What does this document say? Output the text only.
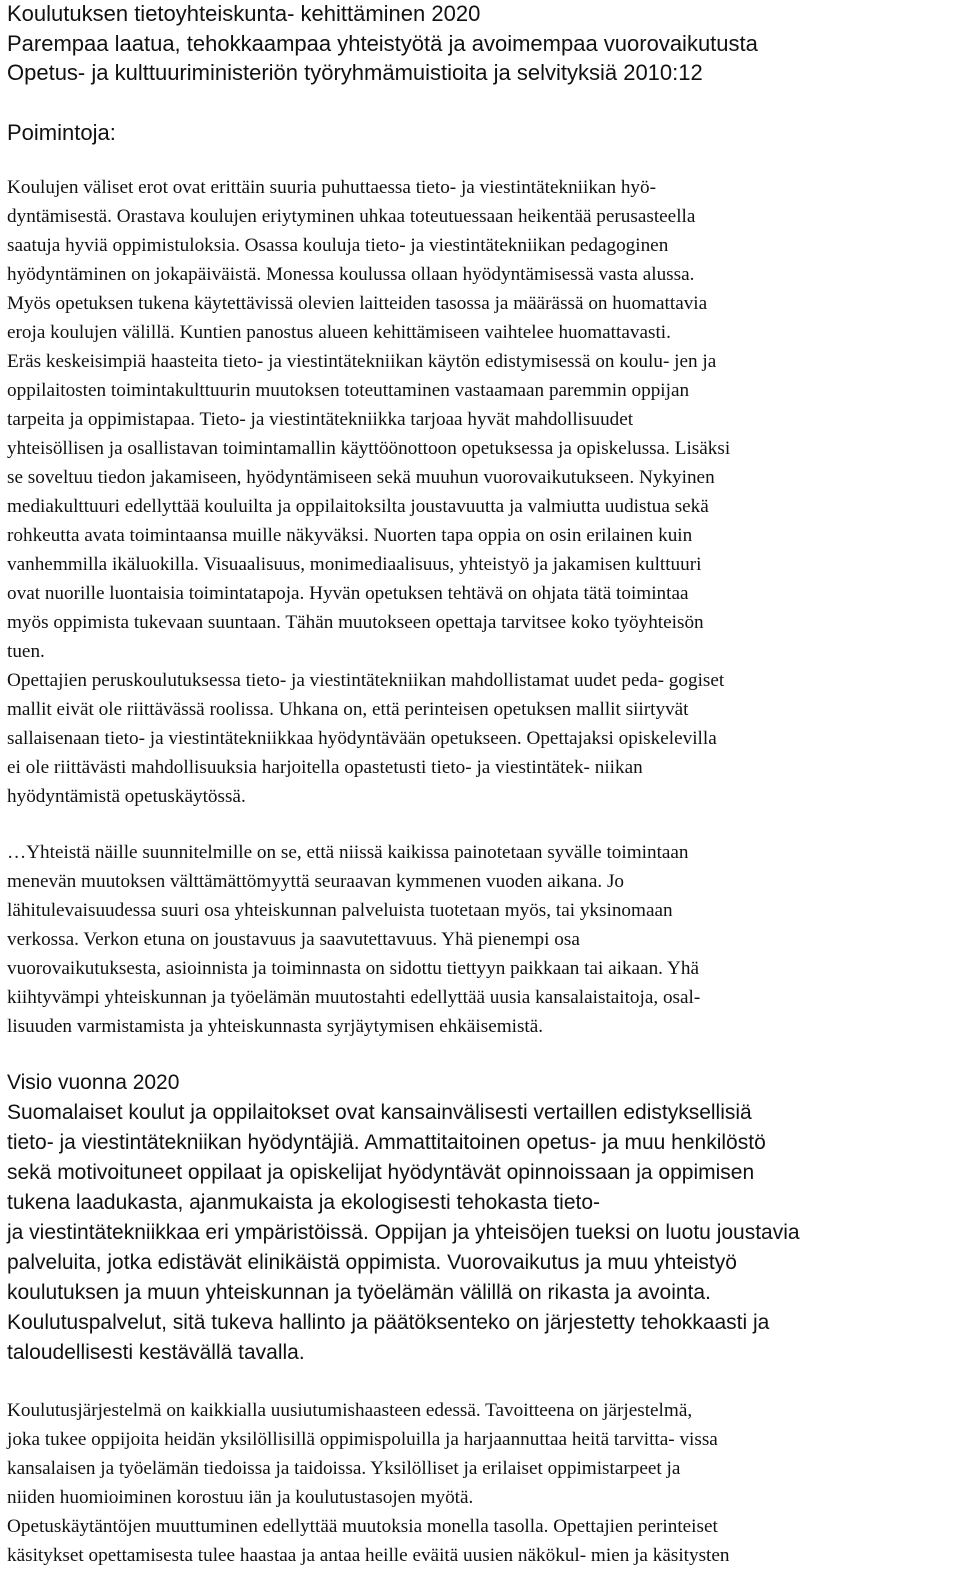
Koulutuksen tietoyhteiskunta- kehittäminen 2020
Parempaa laatua, tehokkaampaa yhteistyötä ja avoimempaa vuorovaikutusta
Opetus- ja kulttuuriministeriön työryhmämuistioita ja selvityksiä 2010:12
Poimintoja:
Koulujen väliset erot ovat erittäin suuria puhuttaessa tieto- ja viestintätekniikan hyö-
dyntämisestä. Orastava koulujen eriytyminen uhkaa toteutuessaan heikentää perusasteella
saatuja hyviä oppimistuloksia. Osassa kouluja tieto- ja viestintätekniikan pedagoginen
hyödyntäminen on jokapäiväistä. Monessa koulussa ollaan hyödyntämisessä vasta alussa.
Myös opetuksen tukena käytettävissä olevien laitteiden tasossa ja määrässä on huomattavia
eroja koulujen välillä. Kuntien panostus alueen kehittämiseen vaihtelee huomattavasti.
Eräs keskeisimpiä haasteita tieto- ja viestintätekniikan käytön edistymisessä on koulu- jen ja
oppilaitosten toimintakulttuurin muutoksen toteuttaminen vastaamaan paremmin oppijan
tarpeita ja oppimistapaa. Tieto- ja viestintätekniikka tarjoaa hyvät mahdollisuudet
yhteisöllisen ja osallistavan toimintamallin käyttöönottoon opetuksessa ja opiskelussa. Lisäksi
se soveltuu tiedon jakamiseen, hyödyntämiseen sekä muuhun vuorovaikutukseen. Nykyinen
mediakulttuuri edellyttää kouluilta ja oppilaitoksilta joustavuutta ja valmiutta uudistua sekä
rohkeutta avata toimintaansa muille näkyväksi. Nuorten tapa oppia on osin erilainen kuin
vanhemmilla ikäluokilla. Visuaalisuus, monimediaalisuus, yhteistyö ja jakamisen kulttuuri
ovat nuorille luontaisia toimintatapoja. Hyvän opetuksen tehtävä on ohjata tätä toimintaa
myös oppimista tukevaan suuntaan. Tähän muutokseen opettaja tarvitsee koko työyhteisön
tuen.
Opettajien peruskoulutuksessa tieto- ja viestintätekniikan mahdollistamat uudet peda- gogiset
mallit eivät ole riittävässä roolissa. Uhkana on, että perinteisen opetuksen mallit siirtyvät
sallaisenaan tieto- ja viestintätekniikkaa hyödyntävään opetukseen. Opettajaksi opiskelevilla
ei ole riittävästi mahdollisuuksia harjoitella opastetusti tieto- ja viestintätek- niikan
hyödyntämistä opetuskäytössä.
…Yhteistä näille suunnitelmille on se, että niissä kaikissa painotetaan syvälle toimintaan
menevän muutoksen välttämättömyyttä seuraavan kymmenen vuoden aikana. Jo
lähitulevaisuudessa suuri osa yhteiskunnan palveluista tuotetaan myös, tai yksinomaan
verkossa. Verkon etuna on joustavuus ja saavutettavuus. Yhä pienempi osa
vuorovaikutuksesta, asioinnista ja toiminnasta on sidottu tiettyyn paikkaan tai aikaan. Yhä
kiihtyvämpi yhteiskunnan ja työelämän muutostahti edellyttää uusia kansalaistaitoja, osal-
lisuuden varmistamista ja yhteiskunnasta syrjäytymisen ehkäisemistä.
Visio vuonna 2020
Suomalaiset koulut ja oppilaitokset ovat kansainvälisesti vertaillen edistyksellisiä
tieto- ja viestintätekniikan hyödyntäjiä. Ammattitaitoinen opetus- ja muu henkilöstö
sekä motivoituneet oppilaat ja opiskelijat hyödyntävät opinnoissaan ja oppimisen
tukena laadukasta, ajanmukaista ja ekologisesti tehokasta tieto-
ja viestintätekniikkaa eri ympäristöissä. Oppijan ja yhteisöjen tueksi on luotu joustavia
palveluita, jotka edistävät elinikäistä oppimista. Vuorovaikutus ja muu yhteistyö
koulutuksen ja muun yhteiskunnan ja työelämän välillä on rikasta ja avointa.
Koulutuspalvelut, sitä tukeva hallinto ja päätöksenteko on järjestetty tehokkaasti ja
taloudellisesti kestävällä tavalla.
Koulutusjärjestelmä on kaikkialla uusiutumishaasteen edessä. Tavoitteena on järjestelmä,
joka tukee oppijoita heidän yksilöllisillä oppimispoluilla ja harjaannuttaa heitä tarvitta- vissa
kansalaisen ja työelämän tiedoissa ja taidoissa. Yksilölliset ja erilaiset oppimistarpeet ja
niiden huomioiminen korostuu iän ja koulutustasojen myötä.
Opetuskäytäntöjen muuttuminen edellyttää muutoksia monella tasolla. Opettajien perinteiset
käsitykset opettamisesta tulee haastaa ja antaa heille eväitä uusien näkökul- mien ja käsitysten
